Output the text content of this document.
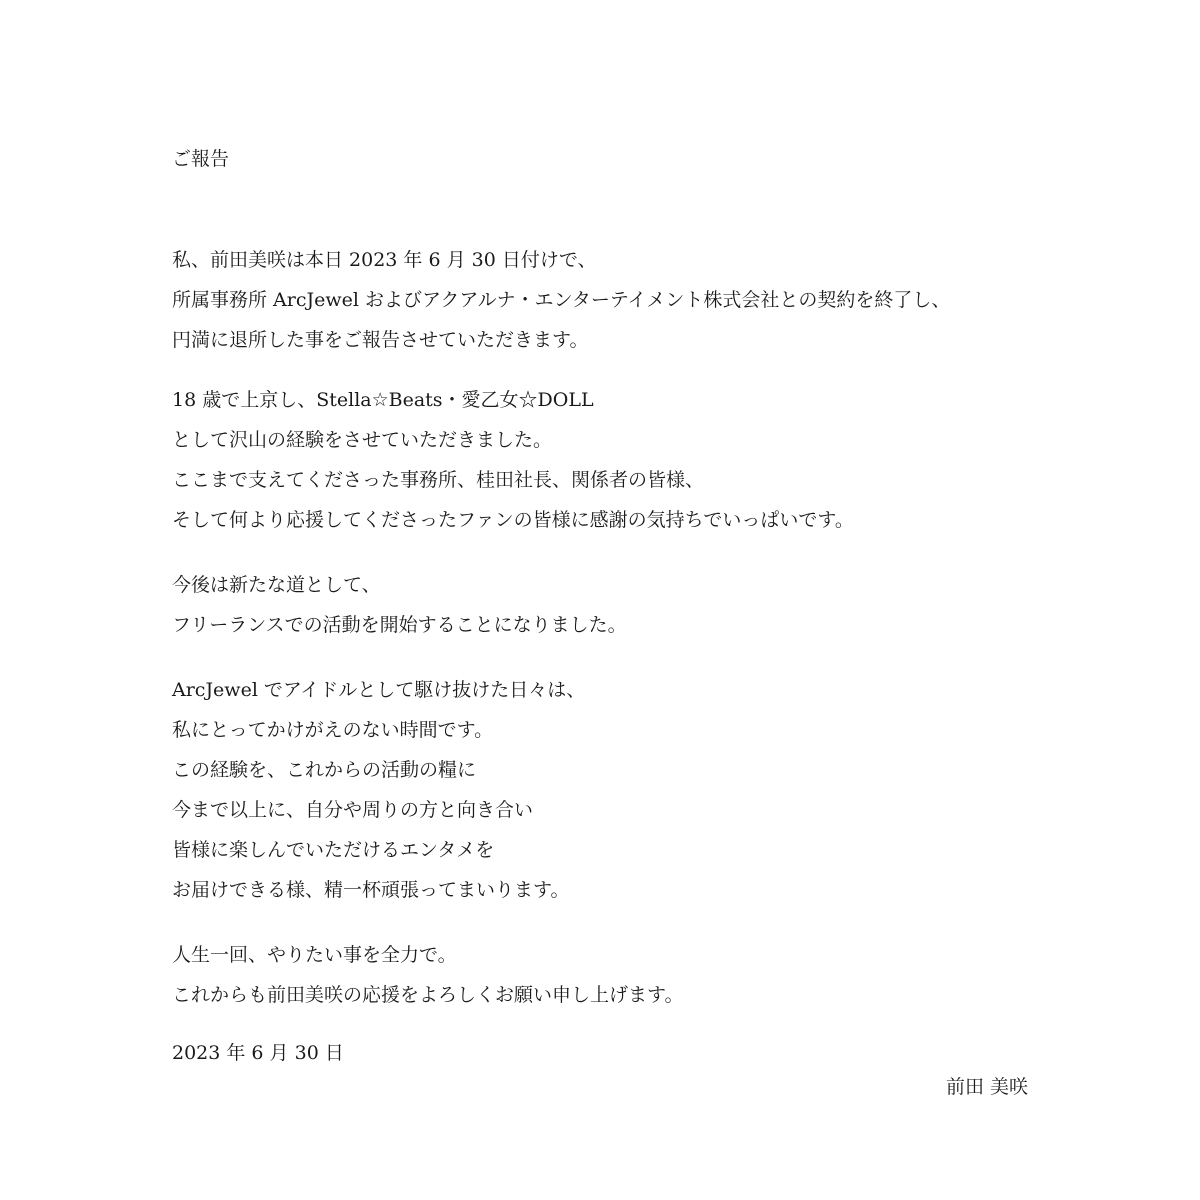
ご報告
私、前田美咲は本日 2023 年 6 月 30 日付けで、
所属事務所 ArcJewel およびアクアルナ・エンターテイメント株式会社との契約を終了し、
円満に退所した事をご報告させていただきます。
18 歳で上京し、Stella☆Beats・愛乙女☆DOLL
として沢山の経験をさせていただきました。
ここまで支えてくださった事務所、桂田社長、関係者の皆様、
そして何より応援してくださったファンの皆様に感謝の気持ちでいっぱいです。
今後は新たな道として、
フリーランスでの活動を開始することになりました。
ArcJewel でアイドルとして駆け抜けた日々は、
私にとってかけがえのない時間です。
この経験を、これからの活動の糧に
今まで以上に、自分や周りの方と向き合い
皆様に楽しんでいただけるエンタメを
お届けできる様、精一杯頑張ってまいります。
人生一回、やりたい事を全力で。
これからも前田美咲の応援をよろしくお願い申し上げます。

2023 年 6 月 30 日

前田 美咲
